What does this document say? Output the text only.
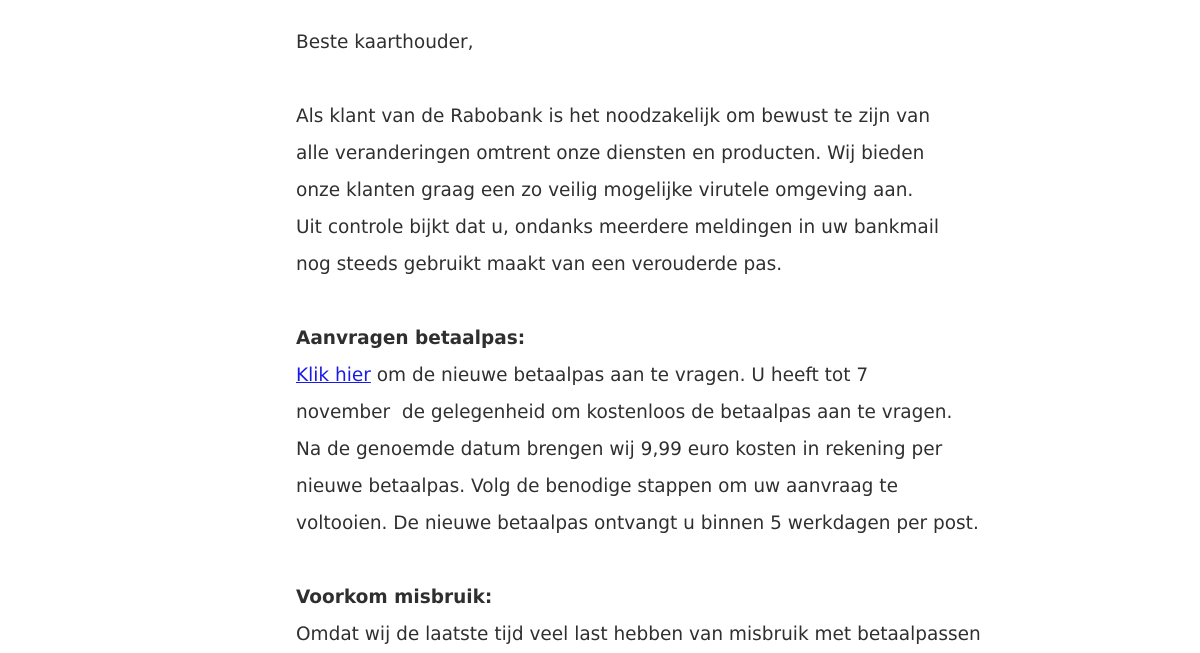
Beste kaarthouder,
Als klant van de Rabobank is het noodzakelijk om bewust te zijn van
alle veranderingen omtrent onze diensten en producten. Wij bieden
onze klanten graag een zo veilig mogelijke virutele omgeving aan.
Uit controle bijkt dat u, ondanks meerdere meldingen in uw bankmail
nog steeds gebruikt maakt van een verouderde pas.
Aanvragen betaalpas:
Klik hier om de nieuwe betaalpas aan te vragen. U heeft tot 7
november  de gelegenheid om kostenloos de betaalpas aan te vragen.
Na de genoemde datum brengen wij 9,99 euro kosten in rekening per
nieuwe betaalpas. Volg de benodige stappen om uw aanvraag te
voltooien. De nieuwe betaalpas ontvangt u binnen 5 werkdagen per post.
Voorkom misbruik:
Omdat wij de laatste tijd veel last hebben van misbruik met betaalpassen
